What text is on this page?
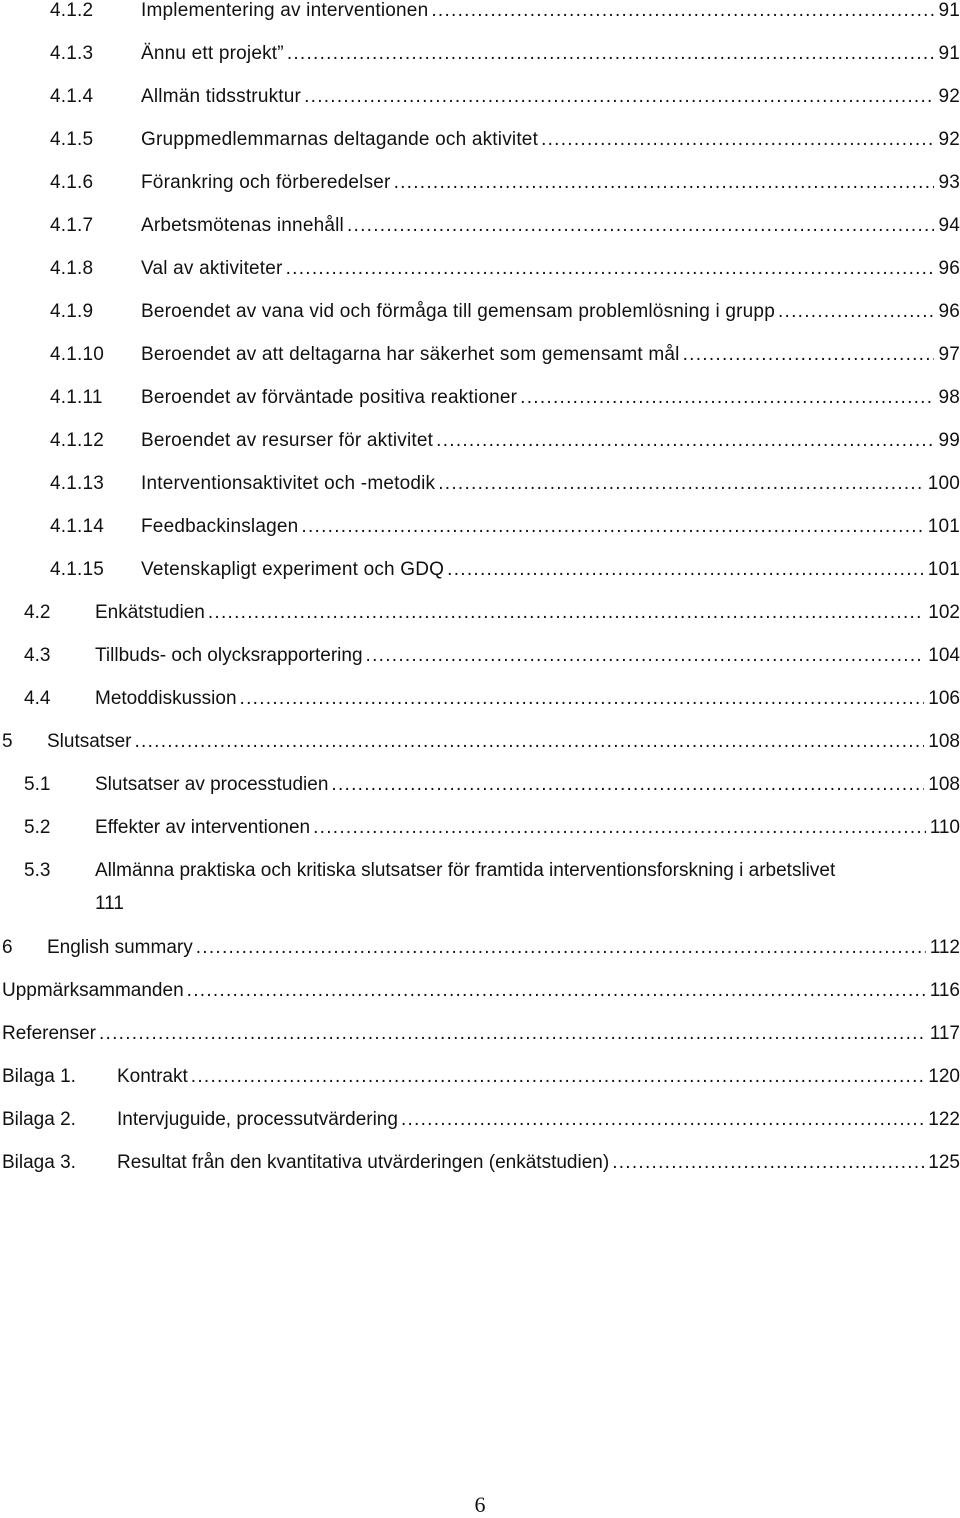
4.1.2	Implementering av interventionen . . .	91
4.1.3	Ännu ett projekt” . . .	91
4.1.4	Allmän tidsstruktur . . .	92
4.1.5	Gruppmedlemmarnas deltagande och aktivitet . . .	92
4.1.6	Förankring och förberedelser . . .	93
4.1.7	Arbetsmötenas innehåll . . .	94
4.1.8	Val av aktiviteter . . .	96
4.1.9	Beroendet av vana vid och förmåga till gemensam problemlösning i grupp . . .	96
4.1.10 Beroendet av att deltagarna har säkerhet som gemensamt mål . . .	97
4.1.11 Beroendet av förväntade positiva reaktioner . . .	98
4.1.12 Beroendet av resurser för aktivitet . . .	99
4.1.13 Interventionsaktivitet och -metodik . . .	100
4.1.14 Feedbackinslagen . . .	101
4.1.15 Vetenskapligt experiment och GDQ . . .	101
4.2 Enkätstudien . . .	102
4.3 Tillbuds- och olycksrapportering . . .	104
4.4 Metoddiskussion . . .	106
5 Slutsatser . . .	108
5.1 Slutsatser av processtudien . . .	108
5.2 Effekter av interventionen . . .	110
5.3 Allmänna praktiska och kritiska slutsatser för framtida interventionsforskning i arbetslivet
111
6 English summary . . .	112
Uppmärksammanden . . .	116
Referenser . . .	117
Bilaga 1. Kontrakt . . .	120
Bilaga 2. Intervjuguide, processutvärdering . . .	122
Bilaga 3. Resultat från den kvantitativa utvärderingen (enkätstudien) . . .	125
6
